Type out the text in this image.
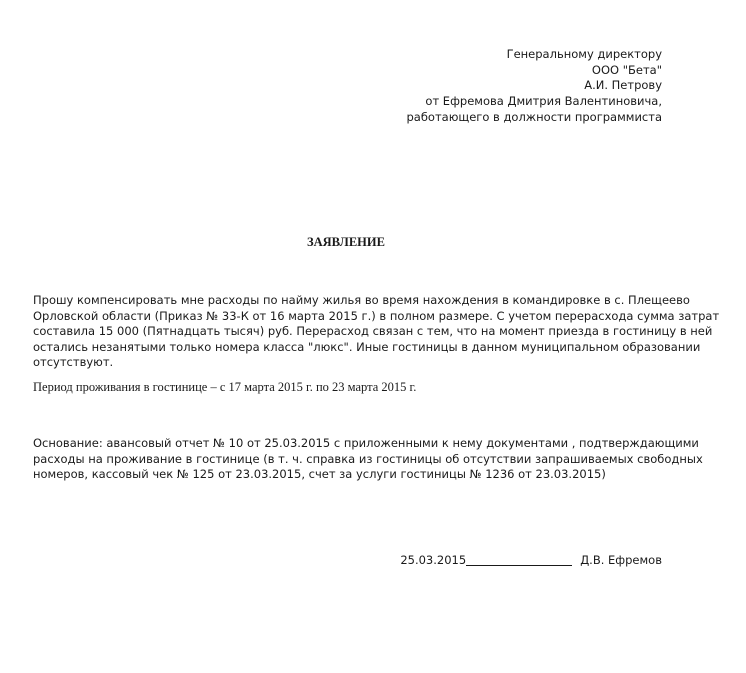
Генеральному директору
ООО "Бета"
А.И. Петрову
от Ефремова Дмитрия Валентиновича,
работающего в должности программиста
ЗАЯВЛЕНИЕ
Прошу компенсировать мне расходы по найму жилья во время нахождения в командировке в с. Плещеево
Орловской области (Приказ № 33-К от 16 марта 2015 г.) в полном размере. С учетом перерасхода сумма затрат
составила 15 000 (Пятнадцать тысяч) руб. Перерасход связан с тем, что на момент приезда в гостиницу в ней
остались незанятыми только номера класса "люкс". Иные гостиницы в данном муниципальном образовании
отсутствуют.
Период проживания в гостинице – с 17 марта 2015 г. по 23 марта 2015 г.
Основание: авансовый отчет № 10 от 25.03.2015 с приложенными к нему документами , подтверждающими
расходы на проживание в гостинице (в т. ч. справка из гостиницы об отсутствии запрашиваемых свободных
номеров, кассовый чек № 125 от 23.03.2015, счет за услуги гостиницы № 1236 от 23.03.2015)
25.03.2015	Д.В. Ефремов
